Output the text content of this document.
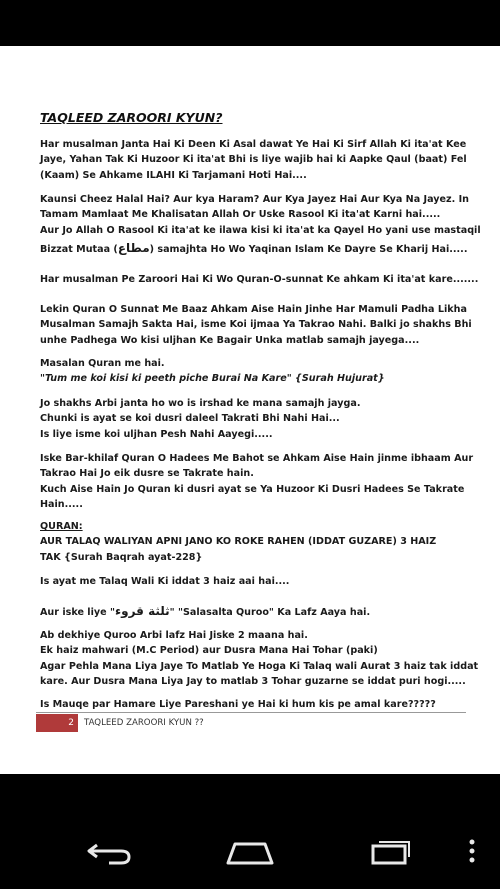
TAQLEED ZAROORI KYUN?
Har musalman Janta Hai Ki Deen Ki Asal dawat Ye Hai Ki Sirf Allah Ki ita'at Kee
Jaye, Yahan Tak Ki Huzoor Ki ita'at Bhi is liye wajib hai ki Aapke Qaul (baat) Fel
(Kaam) Se Ahkame ILAHI Ki Tarjamani Hoti Hai....
Kaunsi Cheez Halal Hai? Aur kya Haram? Aur Kya Jayez Hai Aur Kya Na Jayez. In
Tamam Mamlaat Me Khalisatan Allah Or Uske Rasool Ki ita'at Karni hai.....
Aur Jo Allah O Rasool Ki ita'at ke ilawa kisi ki ita'at ka Qayel Ho yani use mastaqil
Bizzat Mutaa (مطاع) samajhta Ho Wo Yaqinan Islam Ke Dayre Se Kharij Hai.....
Har musalman Pe Zaroori Hai Ki Wo Quran-O-sunnat Ke ahkam Ki ita'at kare.......
Lekin Quran O Sunnat Me Baaz Ahkam Aise Hain Jinhe Har Mamuli Padha Likha
Musalman Samajh Sakta Hai, isme Koi ijmaa Ya Takrao Nahi. Balki jo shakhs Bhi
unhe Padhega Wo kisi uljhan Ke Bagair Unka matlab samajh jayega....
Masalan Quran me hai.
"Tum me koi kisi ki peeth piche Burai Na Kare" {Surah Hujurat}
Jo shakhs Arbi janta ho wo is irshad ke mana samajh jayga.
Chunki is ayat se koi dusri daleel Takrati Bhi Nahi Hai...
Is liye isme koi uljhan Pesh Nahi Aayegi.....
Iske Bar-khilaf Quran O Hadees Me Bahot se Ahkam Aise Hain jinme ibhaam Aur
Takrao Hai Jo eik dusre se Takrate hain.
Kuch Aise Hain Jo Quran ki dusri ayat se Ya Huzoor Ki Dusri Hadees Se Takrate
Hain.....
QURAN:
AUR TALAQ WALIYAN APNI JANO KO ROKE RAHEN (IDDAT GUZARE) 3 HAIZ
TAK {Surah Baqrah ayat-228}
Is ayat me Talaq Wali Ki iddat 3 haiz aai hai....
Aur iske liye "ثلثة قروء" "Salasalta Quroo" Ka Lafz Aaya hai.
Ab dekhiye Quroo Arbi lafz Hai Jiske 2 maana hai.
Ek haiz mahwari (M.C Period) aur Dusra Mana Hai Tohar (paki)
Agar Pehla Mana Liya Jaye To Matlab Ye Hoga Ki Talaq wali Aurat 3 haiz tak iddat
kare. Aur Dusra Mana Liya Jay to matlab 3 Tohar guzarne se iddat puri hogi.....
Is Mauqe par Hamare Liye Pareshani ye Hai ki hum kis pe amal kare?????
2	TAQLEED ZAROORI KYUN ??
